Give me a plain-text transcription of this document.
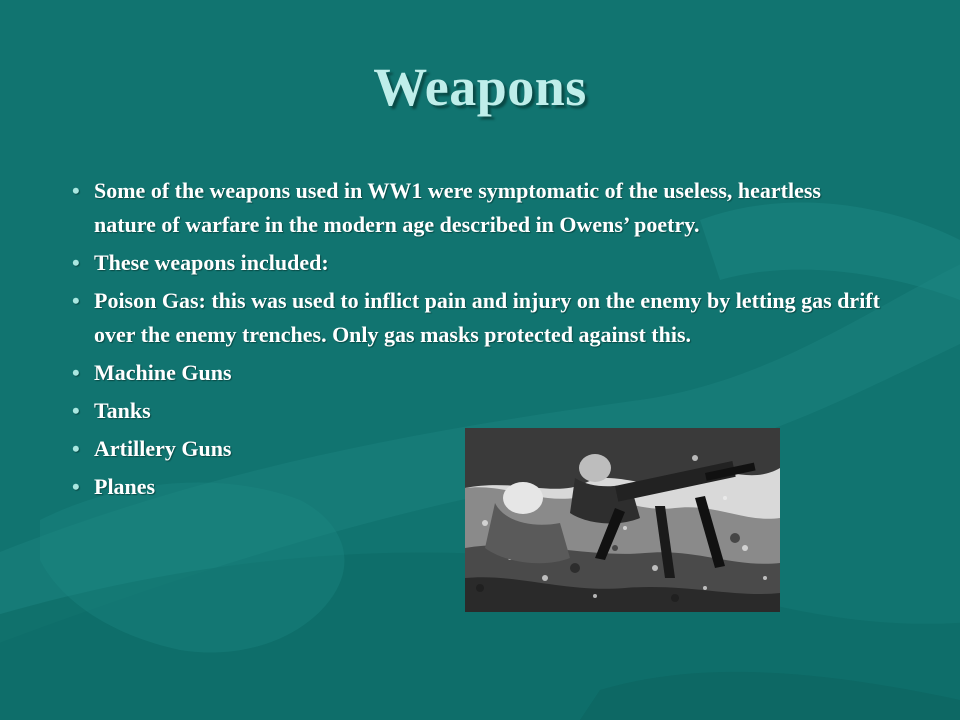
Weapons
• Some of the weapons used in WW1 were symptomatic of the useless, heartless nature of warfare in the modern age described in Owens’ poetry.
• These weapons included:
• Poison Gas: this was used to inflict pain and injury on the enemy by letting gas drift over the enemy trenches. Only gas masks protected against this.
• Machine Guns
• Tanks
• Artillery Guns
• Planes
